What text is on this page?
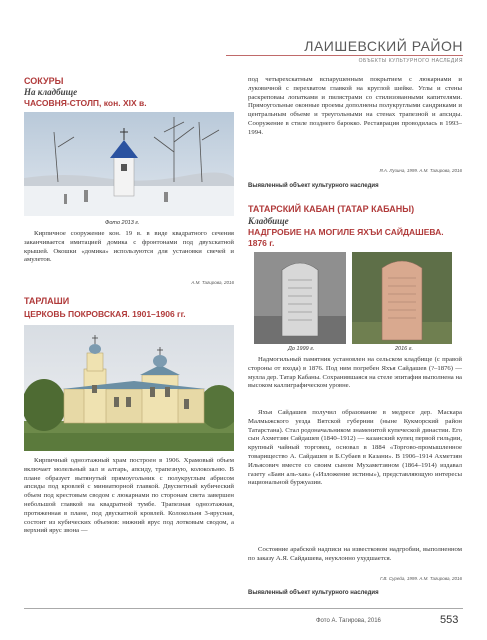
ЛАИШЕВСКИЙ РАЙОН
ОБЪЕКТЫ КУЛЬТУРНОГО НАСЛЕДИЯ
СОКУРЫ
На кладбище
ЧАСОВНЯ-СТОЛП, кон. XIX в.
Фото 2013 г.
Кирпичное сооружение кон. 19 в. в виде квадратного сечения заканчивается имитацией домика с фронтонами под двухскатной крышей. Окошки «домика» используются для установки свечей и амулетов.
А.М. Тагирова, 2016
ТАРЛАШИ
ЦЕРКОВЬ ПОКРОВСКАЯ. 1901–1906 гг.
Кирпичный одноэтажный храм построен в 1906. Храмовый объем включает молельный зал и алтарь, апсиду, трапезную, колокольню. В плане образует вытянутый прямоугольник с полукруглым абрисом апсиды под кровлей с миниатюрной главкой. Двусветный кубический объем под крестовым сводом с люкарнами по сторонам света завершен небольшой главкой на квадратной тумбе. Трапезная одноэтажная, протяженная в плане, под двускатной кровлей. Колокольня 3-ярусная, состоит из кубических объемов: нижний ярус под лотковым сводом, а верхний ярус звона —
под четырехскатным вспарушенным покрытием с люкарнами и луковичной с перехватом главкой на круглой шейке. Углы и стены раскреповаы лопатками и пилястрами со стилизованными капителями. Прямоугольные оконные проемы дополнены полукруглыми сандриками и центральным объеме и треугольными на стенах трапезной и апсиды. Сооружение в стиле позднего барокко. Реставрация проводилась в 1993–1994.
Я.А. Лузина, 1999. А.М. Тагирова, 2016
Выявленный объект культурного наследия
ТАТАРСКИЙ КАБАН (ТАТАР КАБАНЫ)
Кладбище
НАДГРОБИЕ НА МОГИЛЕ ЯХЪИ САЙДАШЕВА. 1876 г.
До 1999 г.	2016 г.
Надмогильный памятник установлен на сельском кладбище (с правой стороны от входа) в 1876. Под ним погребен Яхъя Сайдашев (?–1876) — мулла дер. Татар Кабаны. Сохранившаяся на стеле эпитафия выполнена на высоком каллиграфическом уровне.
Яхъя Сайдашев получил образование в медресе дер. Маскара Малмыжского уезда Вятской губернии (ныне Кукморский район Татарстана). Стал родоначальником знаменитой купеческой династии. Его сын Ахметзян Сайдашев (1840–1912) — казанский купец первой гильдии, крупный чайный торговец, основал в 1884 «Торгово-промышленное товарищество А. Сайдашев и Б.Субаев в Казани». В 1906–1914 Ахметзян Ильясович вместе со своим сыном Мухаметзяном (1864–1914) издавал газету «Баян аль-хак» («Изложение истины»), представляющую интересы национальной буржуазии.
Состояние арабской надписи на известковом надгробии, выполненном по заказу А.Я. Сайдашева, неуклонно ухудшается.
Г.В. Сурейа, 1999. А.М. Тагирова, 2016
Выявленный объект культурного наследия
Фото А. Тагирова, 2016	553
